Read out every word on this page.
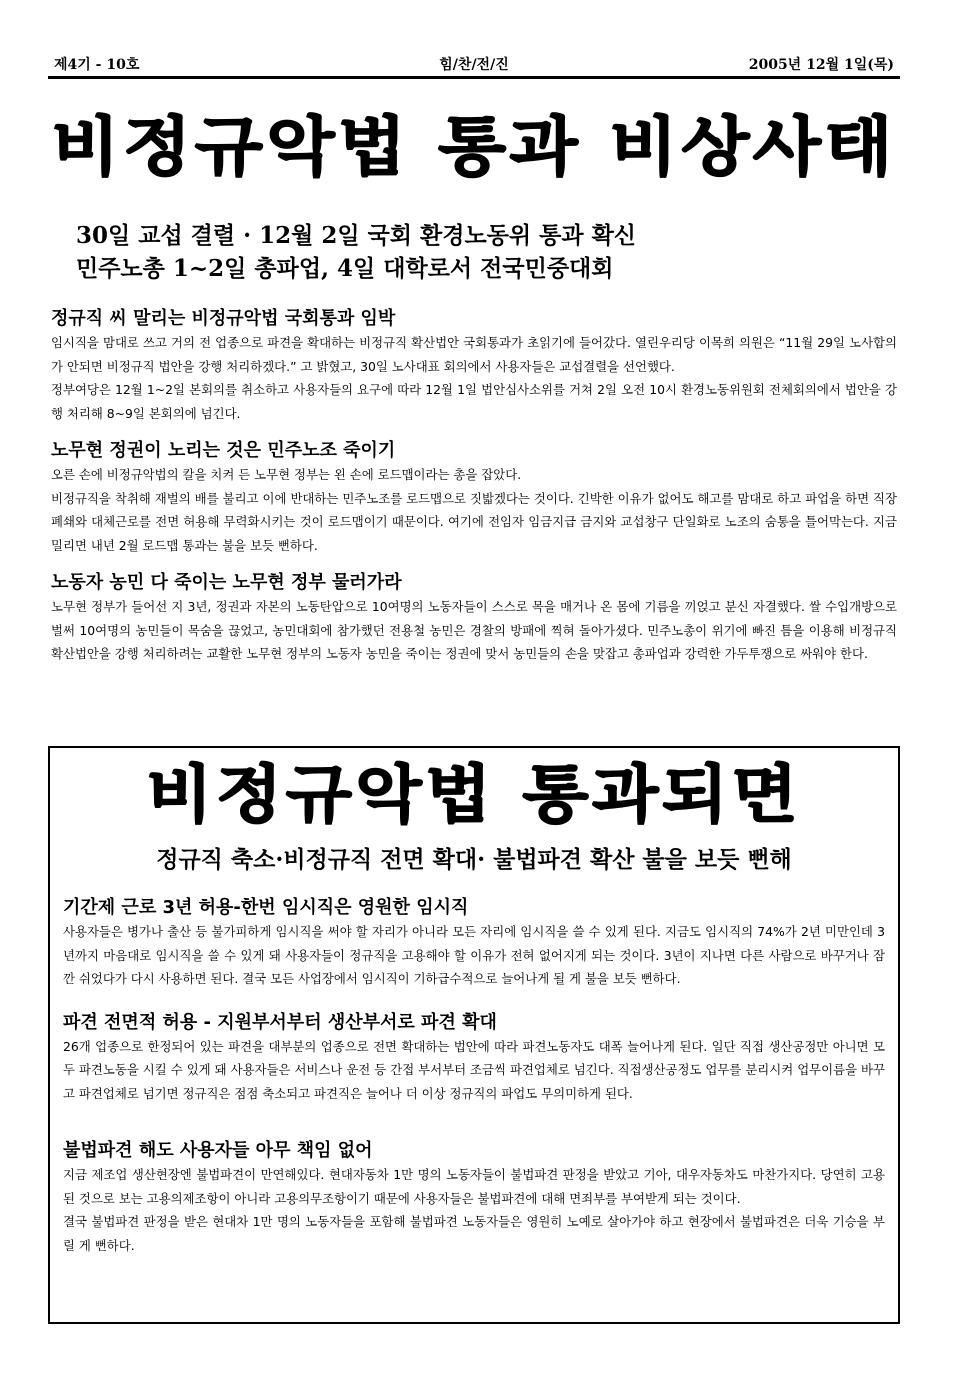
제4기 - 10호	힘/찬/전/진	2005년 12월 1일(목)
비정규악법 통과 비상사태
30일 교섭 결렬 · 12월 2일 국회 환경노동위 통과 확신
민주노총 1~2일 총파업, 4일 대학로서 전국민중대회
정규직 씨 말리는 비정규악법 국회통과 임박
임시직을 맘대로 쓰고 거의 전 업종으로 파견을 확대하는 비정규직 확산법안 국회통과가 초읽기에 들어갔다. 열린우리당 이목희 의원은 “11월 29일 노사합의가 안되면 비정규직 법안을 강행 처리하겠다.” 고 밝혔고, 30일 노사대표 회의에서 사용자들은 교섭결렬을 선언했다.
정부여당은 12월 1~2일 본회의를 취소하고 사용자들의 요구에 따라 12월 1일 법안심사소위를 거쳐 2일 오전 10시 환경노동위원회 전체회의에서 법안을 강행 처리해 8~9일 본회의에 넘긴다.
노무현 정권이 노리는 것은 민주노조 죽이기
오른 손에 비정규악법의 칼을 치켜 든 노무현 정부는 왼 손에 로드맵이라는 총을 잡았다.
비정규직을 착취해 재벌의 배를 불리고 이에 반대하는 민주노조를 로드맵으로 짓밟겠다는 것이다. 긴박한 이유가 없어도 해고를 맘대로 하고 파업을 하면 직장폐쇄와 대체근로를 전면 허용해 무력화시키는 것이 로드맵이기 때문이다. 여기에 전임자 임금지급 금지와 교섭창구 단일화로 노조의 숨통을 틀어막는다. 지금 밀리면 내년 2월 로드맵 통과는 불을 보듯 뻔하다.
노동자 농민 다 죽이는 노무현 정부 물러가라
노무현 정부가 들어선 지 3년, 정권과 자본의 노동탄압으로 10여명의 노동자들이 스스로 목을 매거나 온 몸에 기름을 끼얹고 분신 자결했다. 쌀 수입개방으로 벌써 10여명의 농민들이 목숨을 끊었고, 농민대회에 참가했던 전용철 농민은 경찰의 방패에 찍혀 돌아가셨다. 민주노총이 위기에 빠진 틈을 이용해 비정규직 확산법안을 강행 처리하려는 교활한 노무현 정부의 노동자 농민을 죽이는 정권에 맞서 농민들의 손을 맞잡고 총파업과 강력한 가두투쟁으로 싸워야 한다.
비정규악법 통과되면
정규직 축소·비정규직 전면 확대· 불법파견 확산 불을 보듯 뻔해
기간제 근로 3년 허용-한번 임시직은 영원한 임시직
사용자들은 병가나 출산 등 불가피하게 임시직을 써야 할 자리가 아니라 모든 자리에 임시직을 쓸 수 있게 된다. 지금도 임시직의 74%가 2년 미만인데 3년까지 마음대로 임시직을 쓸 수 있게 돼 사용자들이 정규직을 고용해야 할 이유가 전혀 없어지게 되는 것이다. 3년이 지나면 다른 사람으로 바꾸거나 잠깐 쉬었다가 다시 사용하면 된다. 결국 모든 사업장에서 임시직이 기하급수적으로 늘어나게 될 게 불을 보듯 뻔하다.
파견 전면적 허용 - 지원부서부터 생산부서로 파견 확대
26개 업종으로 한정되어 있는 파견을 대부분의 업종으로 전면 확대하는 법안에 따라 파견노동자도 대폭 늘어나게 된다. 일단 직접 생산공정만 아니면 모두 파견노동을 시킬 수 있게 돼 사용자들은 서비스나 운전 등 간접 부서부터 조금씩 파견업체로 넘긴다. 직접생산공정도 업무를 분리시켜 업무이름을 바꾸고 파견업체로 넘기면 정규직은 점점 축소되고 파견직은 늘어나 더 이상 정규직의 파업도 무의미하게 된다.
불법파견 해도 사용자들 아무 책임 없어
지금 제조업 생산현장엔 불법파견이 만연해있다. 현대자동차 1만 명의 노동자들이 불법파견 판정을 받았고 기아, 대우자동차도 마찬가지다. 당연히 고용된 것으로 보는 고용의제조항이 아니라 고용의무조항이기 때문에 사용자들은 불법파견에 대해 면죄부를 부여받게 되는 것이다.
결국 불법파견 판정을 받은 현대차 1만 명의 노동자들을 포함해 불법파견 노동자들은 영원히 노예로 살아가야 하고 현장에서 불법파견은 더욱 기승을 부릴 게 뻔하다.
